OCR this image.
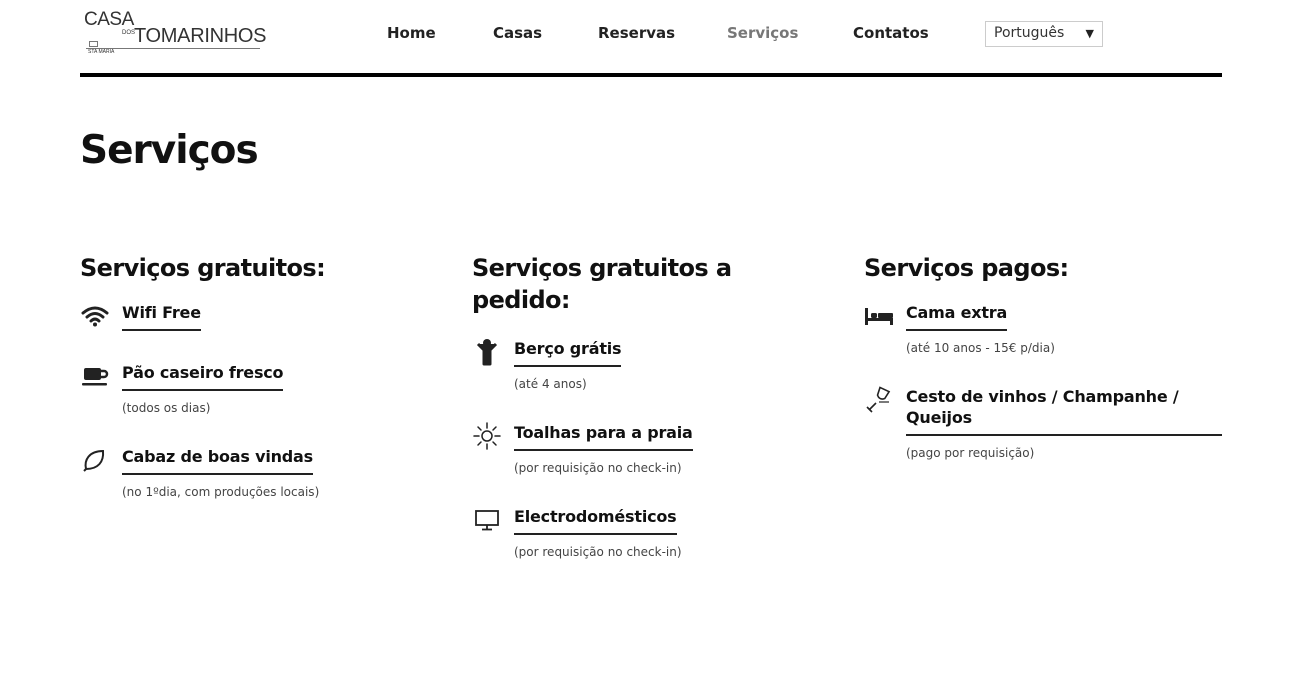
CASA
DOS
TOMARINHOS
STA MARIA
Home	Casas	Reservas	Serviços	Contatos	Português ▼
Serviços
Serviços gratuitos:
Wifi Free
Pão caseiro fresco
(todos os dias)
Cabaz de boas vindas
(no 1ºdia, com produções locais)
Serviços gratuitos a pedido:
Berço grátis
(até 4 anos)
Toalhas para a praia
(por requisição no check-in)
Electrodomésticos
(por requisição no check-in)
Serviços pagos:
Cama extra
(até 10 anos - 15€ p/dia)
Cesto de vinhos / Champanhe / Queijos
(pago por requisição)
